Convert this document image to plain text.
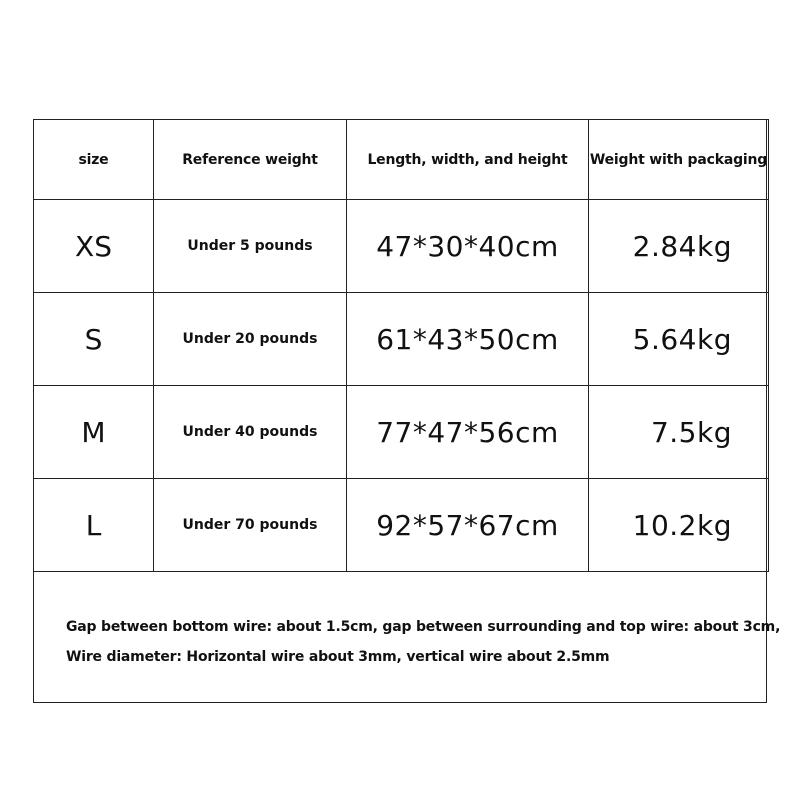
size	Reference weight	Length, width, and height	Weight with packaging
XS	Under 5 pounds	47*30*40cm	2.84kg
S	Under 20 pounds	61*43*50cm	5.64kg
M	Under 40 pounds	77*47*56cm	7.5kg
L	Under 70 pounds	92*57*67cm	10.2kg
Gap between bottom wire: about 1.5cm, gap between surrounding and top wire: about 3cm,
Wire diameter: Horizontal wire about 3mm, vertical wire about 2.5mm
